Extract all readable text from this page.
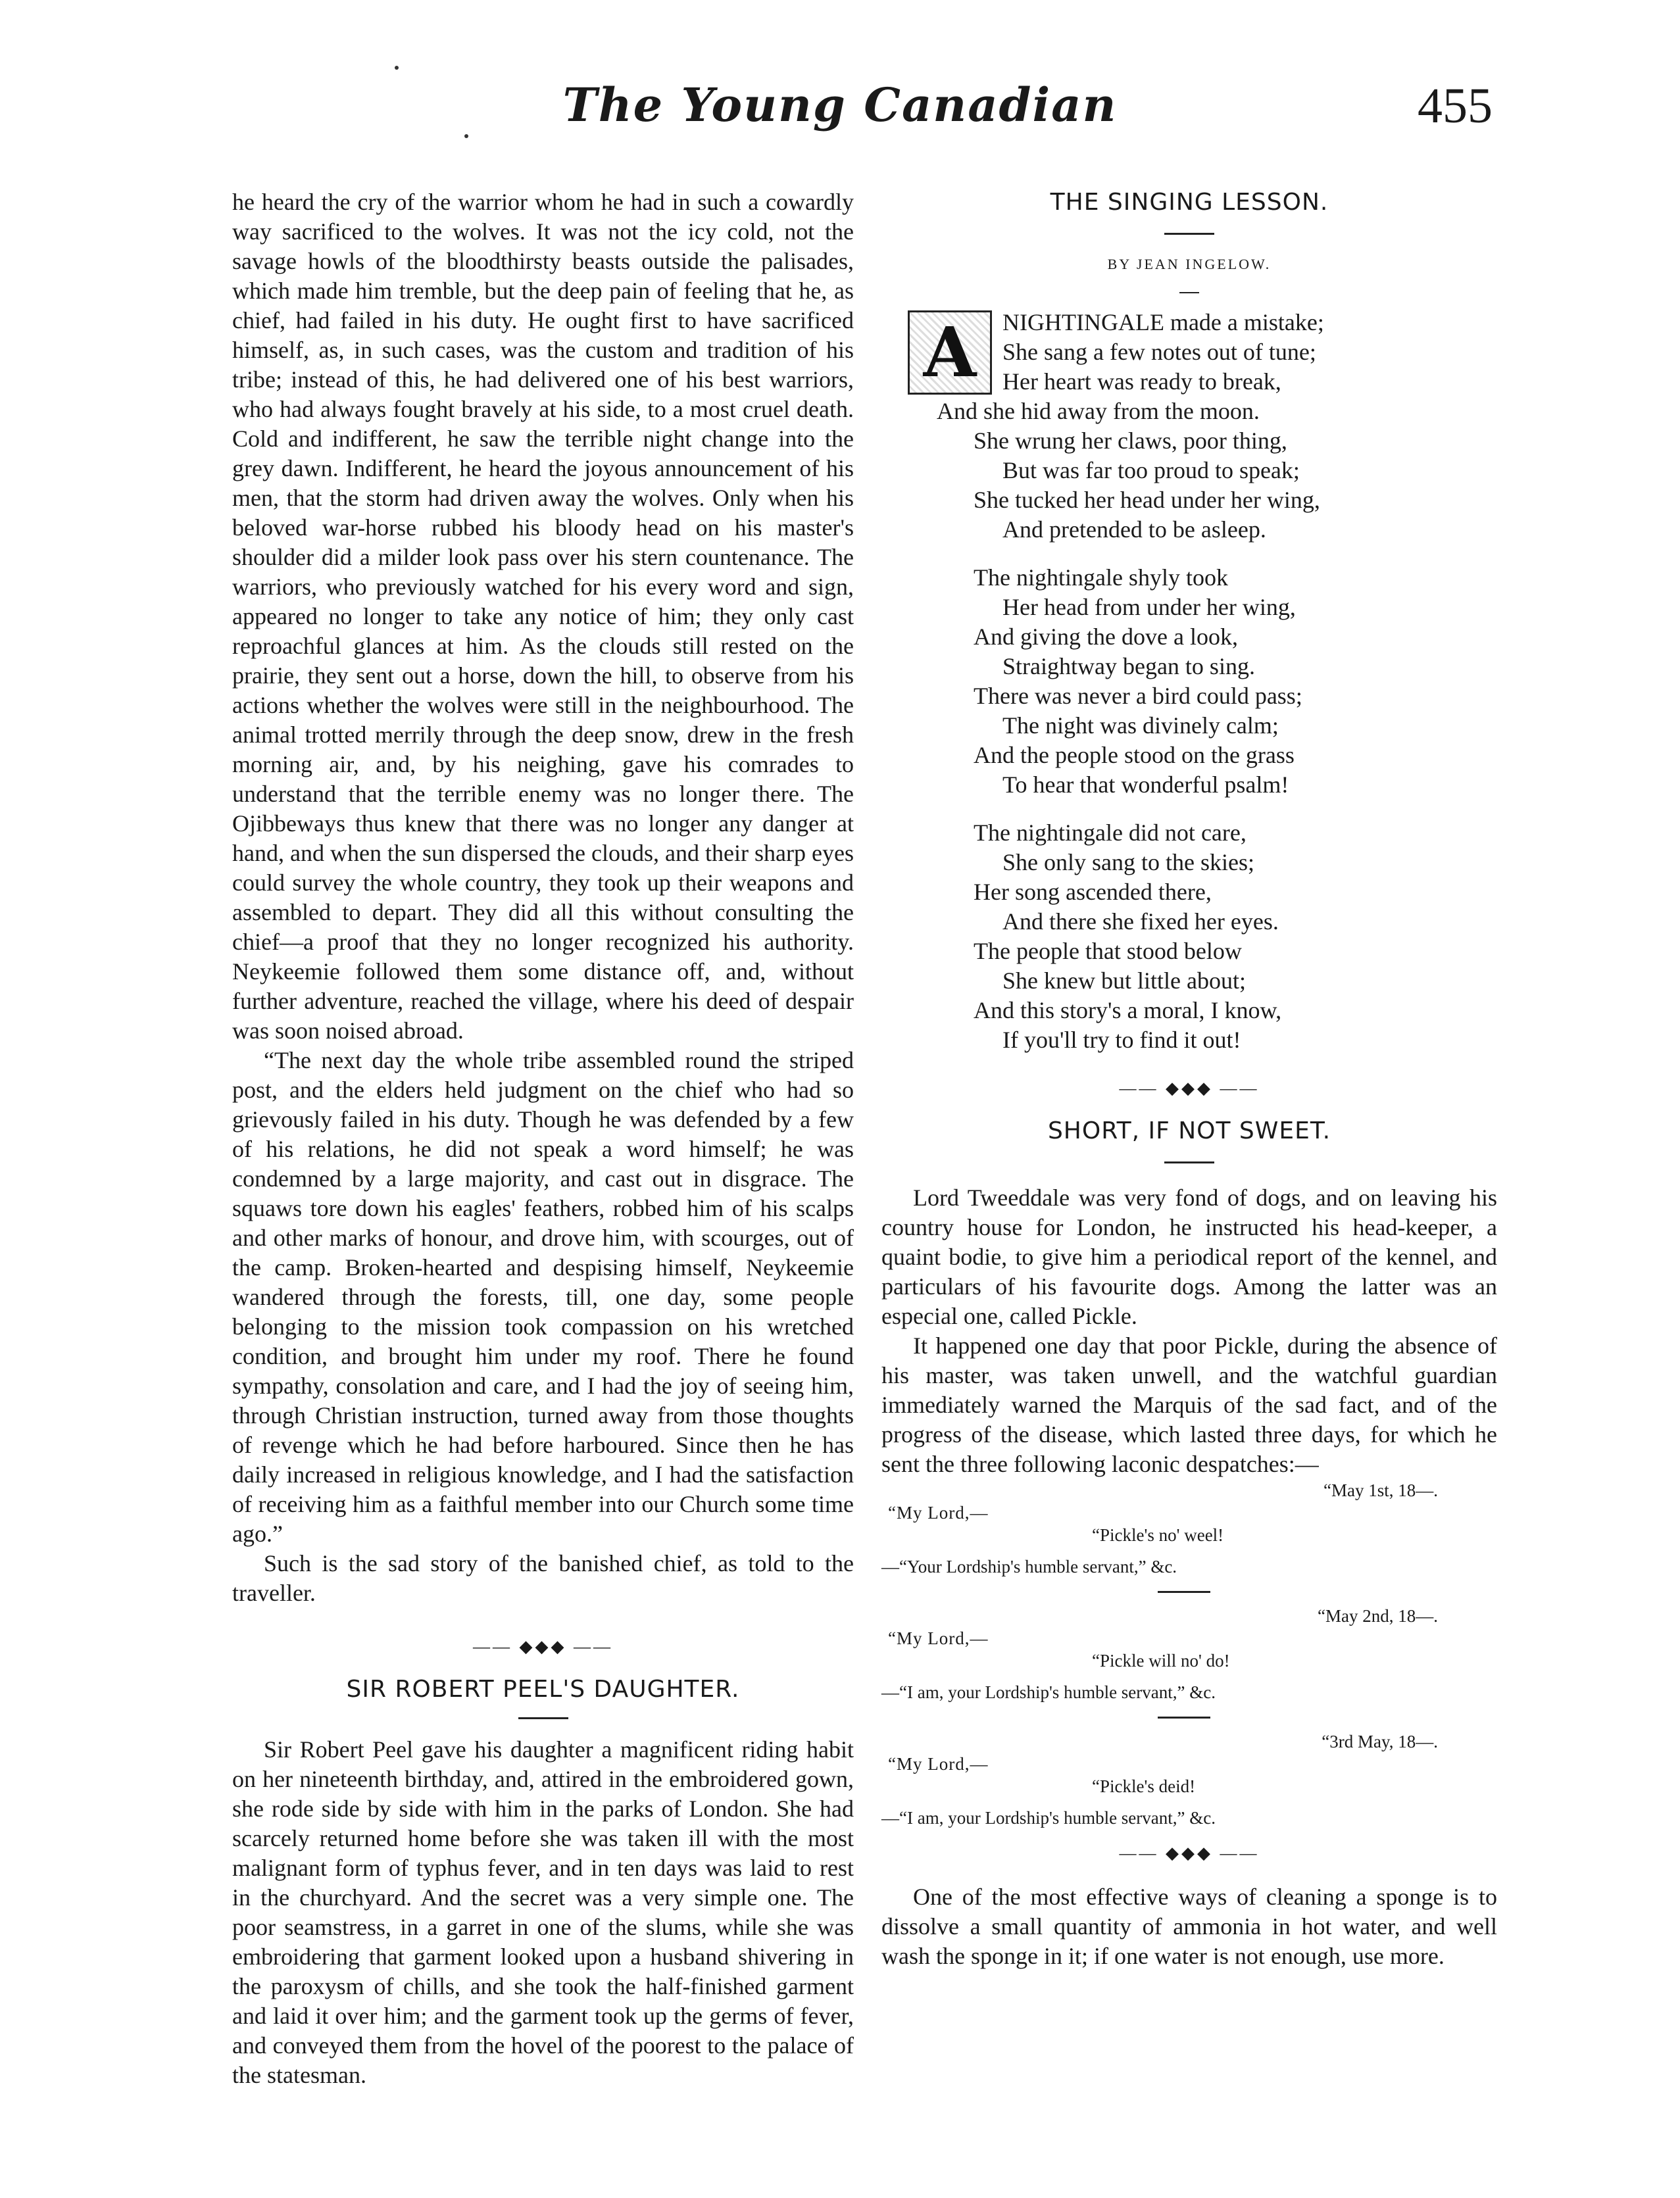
The Young Canadian	455

he heard the cry of the warrior whom he had in such a cowardly way sacrificed to the wolves. It was not the icy cold, not the savage howls of the bloodthirsty beasts outside the palisades, which made him tremble, but the deep pain of feeling that he, as chief, had failed in his duty. He ought first to have sacrificed himself, as, in such cases, was the custom and tradition of his tribe; instead of this, he had delivered one of his best warriors, who had always fought bravely at his side, to a most cruel death. Cold and indifferent, he saw the terrible night change into the grey dawn. Indifferent, he heard the joyous announcement of his men, that the storm had driven away the wolves. Only when his beloved war-horse rubbed his bloody head on his master's shoulder did a milder look pass over his stern countenance. The warriors, who previously watched for his every word and sign, appeared no longer to take any notice of him; they only cast reproachful glances at him. As the clouds still rested on the prairie, they sent out a horse, down the hill, to observe from his actions whether the wolves were still in the neighbourhood. The animal trotted merrily through the deep snow, drew in the fresh morning air, and, by his neighing, gave his comrades to understand that the terrible enemy was no longer there. The Ojibbeways thus knew that there was no longer any danger at hand, and when the sun dispersed the clouds, and their sharp eyes could survey the whole country, they took up their weapons and assembled to depart. They did all this without consulting the chief—a proof that they no longer recognized his authority. Neykeemie followed them some distance off, and, without further adventure, reached the village, where his deed of despair was soon noised abroad.

“The next day the whole tribe assembled round the striped post, and the elders held judgment on the chief who had so grievously failed in his duty. Though he was defended by a few of his relations, he did not speak a word himself; he was condemned by a large majority, and cast out in disgrace. The squaws tore down his eagles' feathers, robbed him of his scalps and other marks of honour, and drove him, with scourges, out of the camp. Broken-hearted and despising himself, Neykeemie wandered through the forests, till, one day, some people belonging to the mission took compassion on his wretched condition, and brought him under my roof. There he found sympathy, consolation and care, and I had the joy of seeing him, through Christian instruction, turned away from those thoughts of revenge which he had before harboured. Since then he has daily increased in religious knowledge, and I had the satisfaction of receiving him as a faithful member into our Church some time ago.”

Such is the sad story of the banished chief, as told to the traveller.

—— ◆◆◆ ——

SIR ROBERT PEEL'S DAUGHTER.

Sir Robert Peel gave his daughter a magnificent riding habit on her nineteenth birthday, and, attired in the embroidered gown, she rode side by side with him in the parks of London. She had scarcely returned home before she was taken ill with the most malignant form of typhus fever, and in ten days was laid to rest in the churchyard. And the secret was a very simple one. The poor seamstress, in a garret in one of the slums, while she was embroidering that garment looked upon a husband shivering in the paroxysm of chills, and she took the half-finished garment and laid it over him; and the garment took up the germs of fever, and conveyed them from the hovel of the poorest to the palace of the statesman.

THE SINGING LESSON.

BY JEAN INGELOW.

A	NIGHTINGALE made a mistake;
She sang a few notes out of tune;
Her heart was ready to break,
And she hid away from the moon.
She wrung her claws, poor thing,
But was far too proud to speak;
She tucked her head under her wing,
And pretended to be asleep.
The nightingale shyly took
Her head from under her wing,
And giving the dove a look,
Straightway began to sing.
There was never a bird could pass;
The night was divinely calm;
And the people stood on the grass
To hear that wonderful psalm!
The nightingale did not care,
She only sang to the skies;
Her song ascended there,
And there she fixed her eyes.
The people that stood below
She knew but little about;
And this story's a moral, I know,
If you'll try to find it out!
—— ◆◆◆ ——

SHORT, IF NOT SWEET.

Lord Tweeddale was very fond of dogs, and on leaving his country house for London, he instructed his head-keeper, a quaint bodie, to give him a periodical report of the kennel, and particulars of his favourite dogs. Among the latter was an especial one, called Pickle.

It happened one day that poor Pickle, during the absence of his master, was taken unwell, and the watchful guardian immediately warned the Marquis of the sad fact, and of the progress of the disease, which lasted three days, for which he sent the three following laconic despatches:—

“May 1st, 18—.

“My Lord,—

“Pickle's no' weel!

—“Your Lordship's humble servant,” &c.

“May 2nd, 18—.

“My Lord,—

“Pickle will no' do!

—“I am, your Lordship's humble servant,” &c.

“3rd May, 18—.

“My Lord,—

“Pickle's deid!

—“I am, your Lordship's humble servant,” &c.

—— ◆◆◆ ——

One of the most effective ways of cleaning a sponge is to dissolve a small quantity of ammonia in hot water, and well wash the sponge in it; if one water is not enough, use more.
